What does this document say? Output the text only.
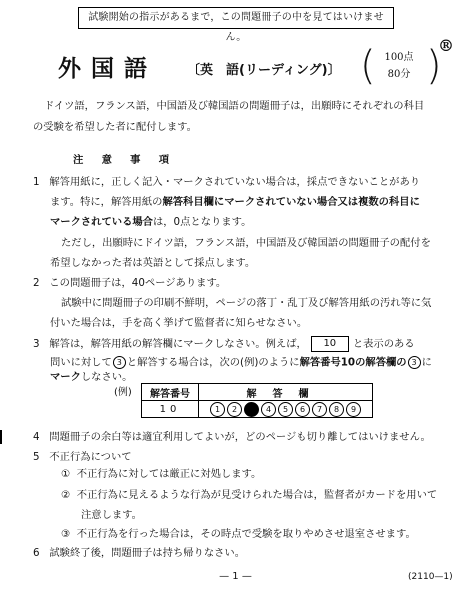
試験開始の指示があるまで，この問題冊子の中を見てはいけません。
外国語 〔英　語(リーディング)〕
®
( 100点
80分 )
ドイツ語，フランス語，中国語及び韓国語の問題冊子は，出願時にそれぞれの科目
の受験を希望した者に配付します。
注　意　事　項
1 解答用紙に，正しく記入・マークされていない場合は，採点できないことがあり
ます。特に，解答用紙の解答科目欄にマークされていない場合又は複数の科目に
マークされている場合は，0点となります。
ただし，出願時にドイツ語，フランス語，中国語及び韓国語の問題冊子の配付を
希望しなかった者は英語として採点します。
2 この問題冊子は，40ページあります。
試験中に問題冊子の印刷不鮮明，ページの落丁・乱丁及び解答用紙の汚れ等に気
付いた場合は，手を高く挙げて監督者に知らせなさい。
3 解答は，解答用紙の解答欄にマークしなさい。例えば， 10 と表示のある
問いに対して 3 と解答する場合は，次の(例)のように解答番号10の解答欄の 3 に
マークしなさい。
(例) 解答番号	解答欄
10	1 2 3 4 5 6 7 8 9
4 問題冊子の余白等は適宜利用してよいが，どのページも切り離してはいけません。
5 不正行為について
① 不正行為に対しては厳正に対処します。
② 不正行為に見えるような行為が見受けられた場合は，監督者がカードを用いて
注意します。
③ 不正行為を行った場合は，その時点で受験を取りやめさせ退室させます。
6 試験終了後，問題冊子は持ち帰りなさい。
— 1 —	(2110—1)
